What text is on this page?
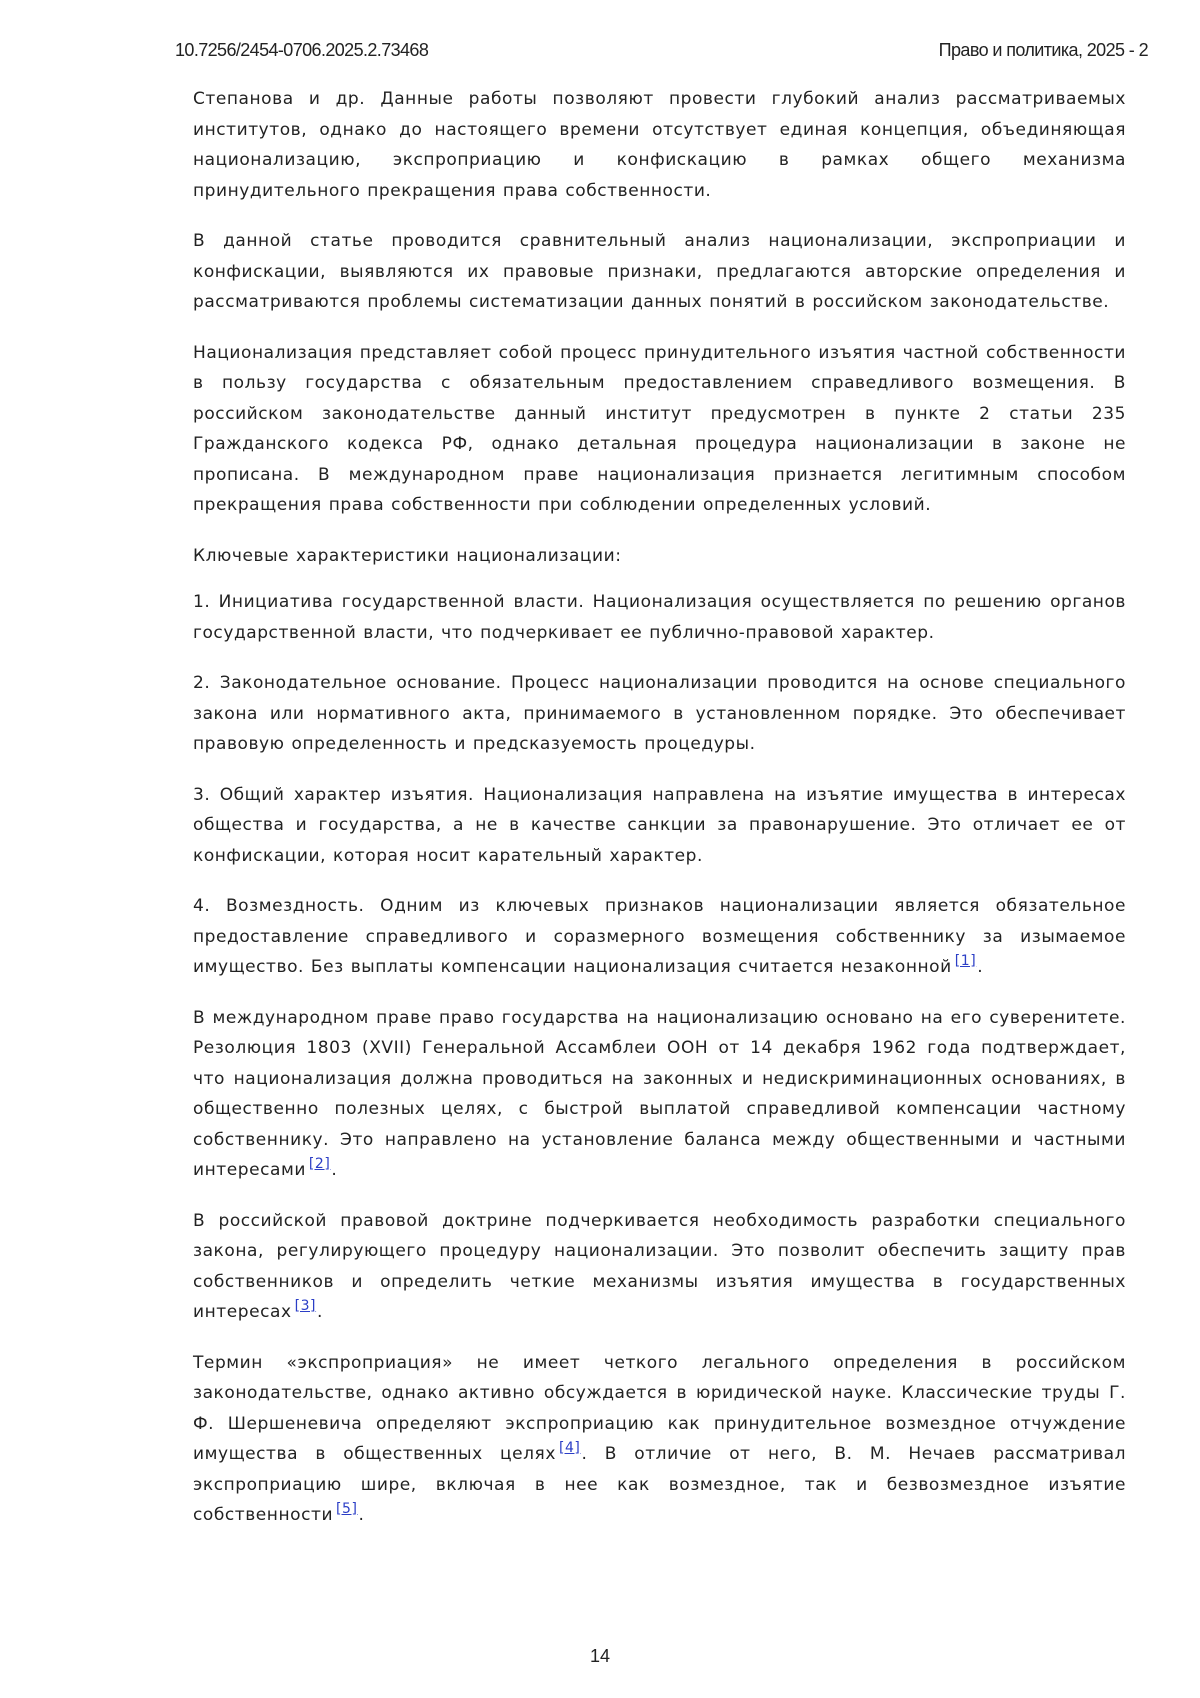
10.7256/2454-0706.2025.2.73468	Право и политика, 2025 - 2

Степанова и др. Данные работы позволяют провести глубокий анализ рассматриваемых институтов, однако до настоящего времени отсутствует единая концепция, объединяющая национализацию, экспроприацию и конфискацию в рамках общего механизма принудительного прекращения права собственности.

В данной статье проводится сравнительный анализ национализации, экспроприации и конфискации, выявляются их правовые признаки, предлагаются авторские определения и рассматриваются проблемы систематизации данных понятий в российском законодательстве.

Национализация представляет собой процесс принудительного изъятия частной собственности в пользу государства с обязательным предоставлением справедливого возмещения. В российском законодательстве данный институт предусмотрен в пункте 2 статьи 235 Гражданского кодекса РФ, однако детальная процедура национализации в законе не прописана. В международном праве национализация признается легитимным способом прекращения права собственности при соблюдении определенных условий.

Ключевые характеристики национализации:

1. Инициатива государственной власти. Национализация осуществляется по решению органов государственной власти, что подчеркивает ее публично-правовой характер.

2. Законодательное основание. Процесс национализации проводится на основе специального закона или нормативного акта, принимаемого в установленном порядке. Это обеспечивает правовую определенность и предсказуемость процедуры.

3. Общий характер изъятия. Национализация направлена на изъятие имущества в интересах общества и государства, а не в качестве санкции за правонарушение. Это отличает ее от конфискации, которая носит карательный характер.

4. Возмездность. Одним из ключевых признаков национализации является обязательное предоставление справедливого и соразмерного возмещения собственнику за изымаемое имущество. Без выплаты компенсации национализация считается незаконной [1].

В международном праве право государства на национализацию основано на его суверенитете. Резолюция 1803 (XVII) Генеральной Ассамблеи ООН от 14 декабря 1962 года подтверждает, что национализация должна проводиться на законных и недискриминационных основаниях, в общественно полезных целях, с быстрой выплатой справедливой компенсации частному собственнику. Это направлено на установление баланса между общественными и частными интересами [2].

В российской правовой доктрине подчеркивается необходимость разработки специального закона, регулирующего процедуру национализации. Это позволит обеспечить защиту прав собственников и определить четкие механизмы изъятия имущества в государственных интересах [3].

Термин «экспроприация» не имеет четкого легального определения в российском законодательстве, однако активно обсуждается в юридической науке. Классические труды Г. Ф. Шершеневича определяют экспроприацию как принудительное возмездное отчуждение имущества в общественных целях [4]. В отличие от него, В. М. Нечаев рассматривал экспроприацию шире, включая в нее как возмездное, так и безвозмездное изъятие собственности [5].

14
